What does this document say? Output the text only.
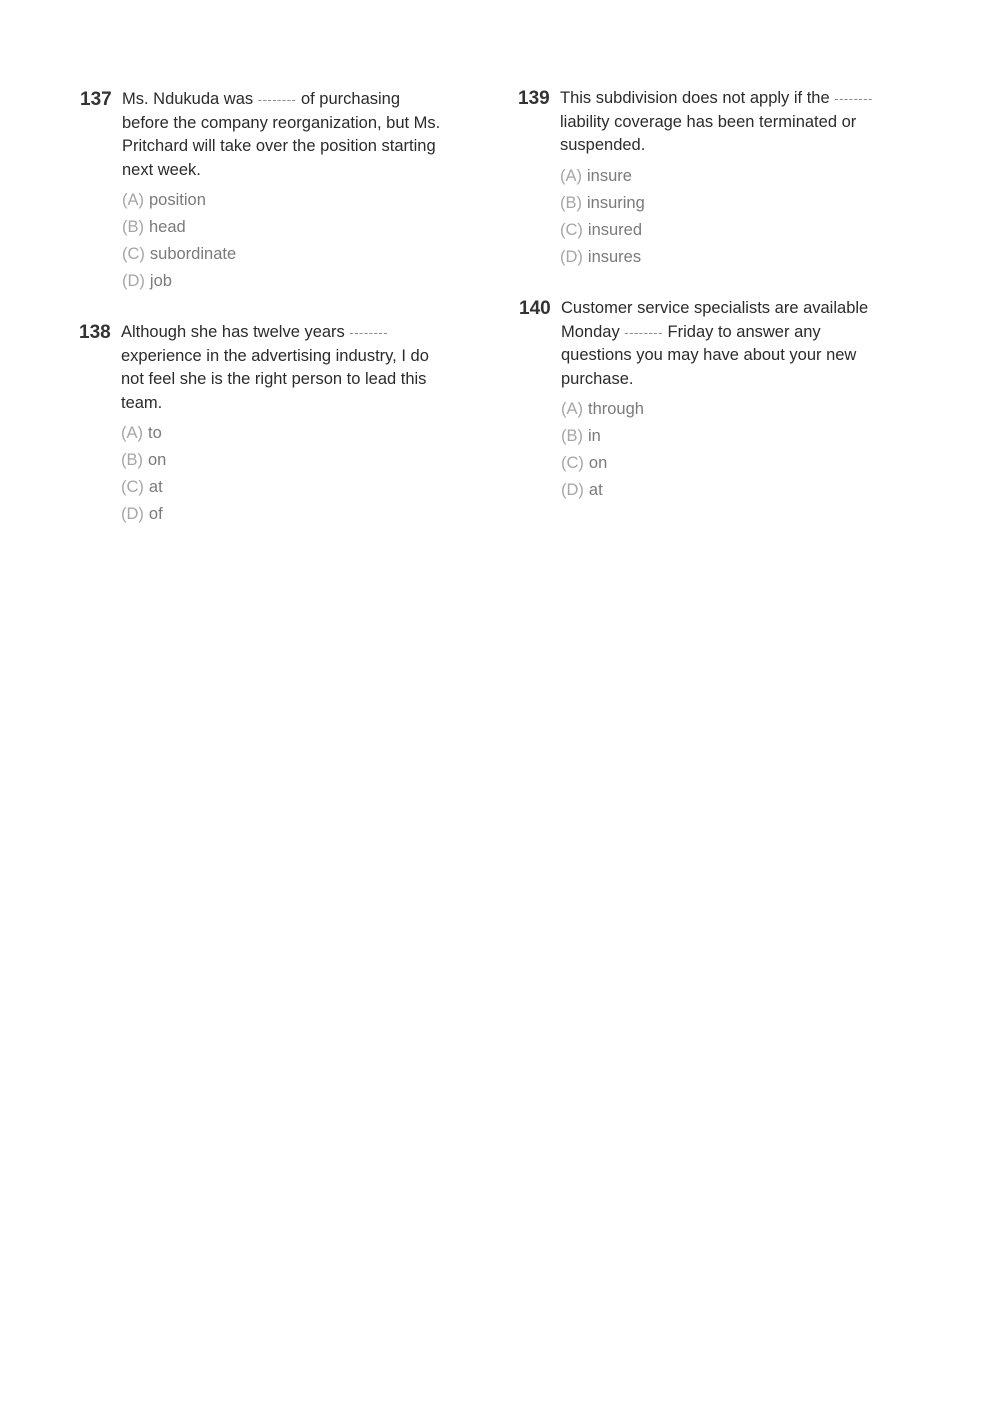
137 Ms. Ndukuda was -------- of purchasing before the company reorganization, but Ms. Pritchard will take over the position starting next week.
(A) position
(B) head
(C) subordinate
(D) job
138 Although she has twelve years -------- experience in the advertising industry, I do not feel she is the right person to lead this team.
(A) to
(B) on
(C) at
(D) of
139 This subdivision does not apply if the -------- liability coverage has been terminated or suspended.
(A) insure
(B) insuring
(C) insured
(D) insures
140 Customer service specialists are available Monday -------- Friday to answer any questions you may have about your new purchase.
(A) through
(B) in
(C) on
(D) at
